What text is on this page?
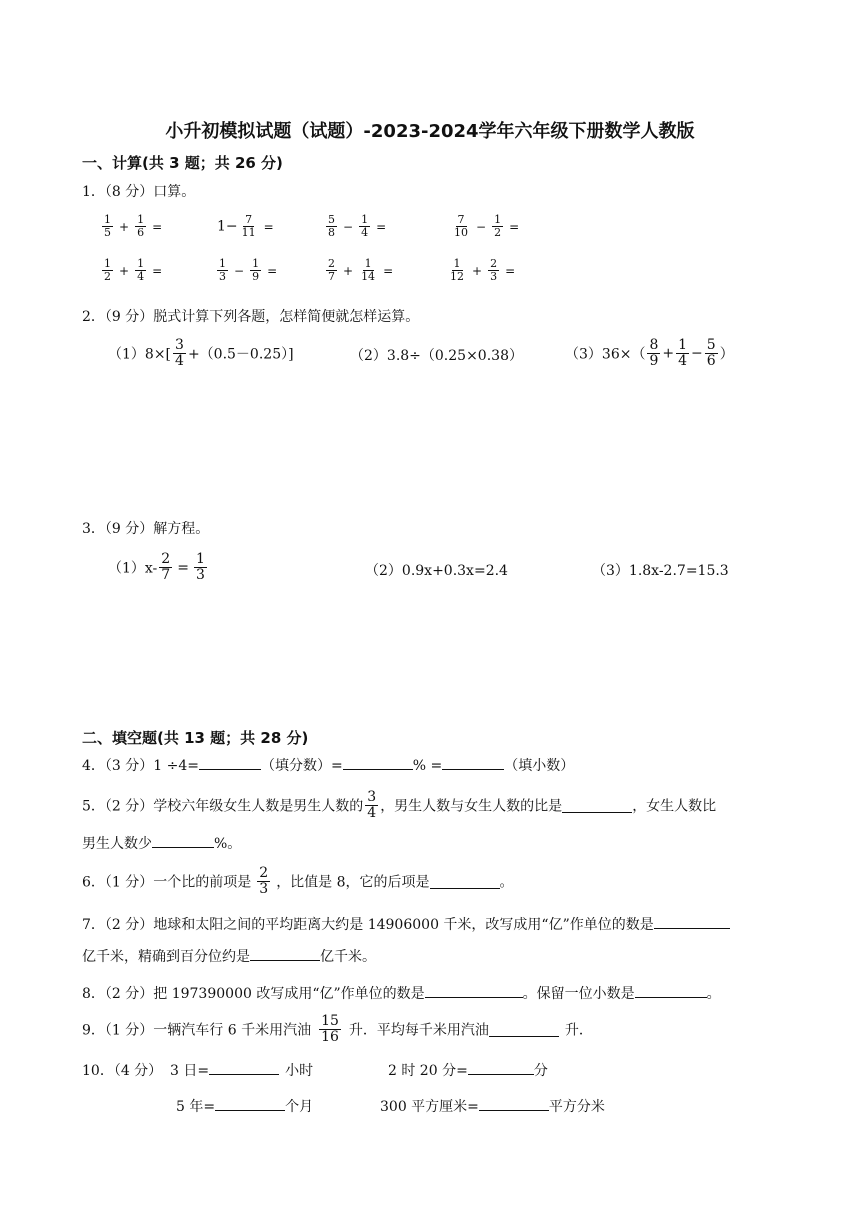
小升初模拟试题（试题）-2023-2024学年六年级下册数学人教版
一、计算(共 3 题；共 26 分)
1．（8 分）口算。
$\frac{1}{5} + \frac{1}{6}$ =	$1- \frac{7}{11}$ =	$\frac{5}{8} - \frac{1}{4}$ =	$\frac{7}{10} - \frac{1}{2}$ =
$\frac{1}{2} + \frac{1}{4}$ =	$\frac{1}{3} - \frac{1}{9}$ =	$\frac{2}{7} + \frac{1}{14}$ =	$\frac{1}{12} + \frac{2}{3}$ =
2．（9 分）脱式计算下列各题，怎样简便就怎样运算。
$(1)8\times[ \frac{3}{4} +(0.5-0.25)]$	（2）3.8÷（0.25×0.38）	$(3)36\times( \frac{8}{9} + \frac{1}{4} - \frac{5}{6}$ ）
3．（9 分）解方程。
$(1)x- \frac{2}{7} = \frac{1}{3}$	（2）0.9x+0.3x=2.4	（3）1.8x-2.7=15.3
二、填空题(共 13 题；共 28 分)
4．（3 分）1 ÷4=	（填分数）=	% =	（填小数）
5．（2 分）学校六年级女生人数是男生人数的 $\frac{3}{4}$ ，男生人数与女生人数的比是	，女生人数比
男生人数少	%。
6．（1 分）一个比的前项是 $\frac{2}{3}$ ，比值是 8，它的后项是	。
7．（2 分）地球和太阳之间的平均距离大约是 14906000 千米，改写成用“亿”作单位的数是
亿千米，精确到百分位约是	亿千米。
8．（2 分）把 197390000 改写成用“亿”作单位的数是	。保留一位小数是	。
9．（1 分）一辆汽车行 6 千米用汽油 $\frac{15}{16}$ 升．平均每千米用汽油	升．
10．（4 分） 3 日=	小时	2 时 20 分=	分
5 年=	个月	300 平方厘米=	平方分米
